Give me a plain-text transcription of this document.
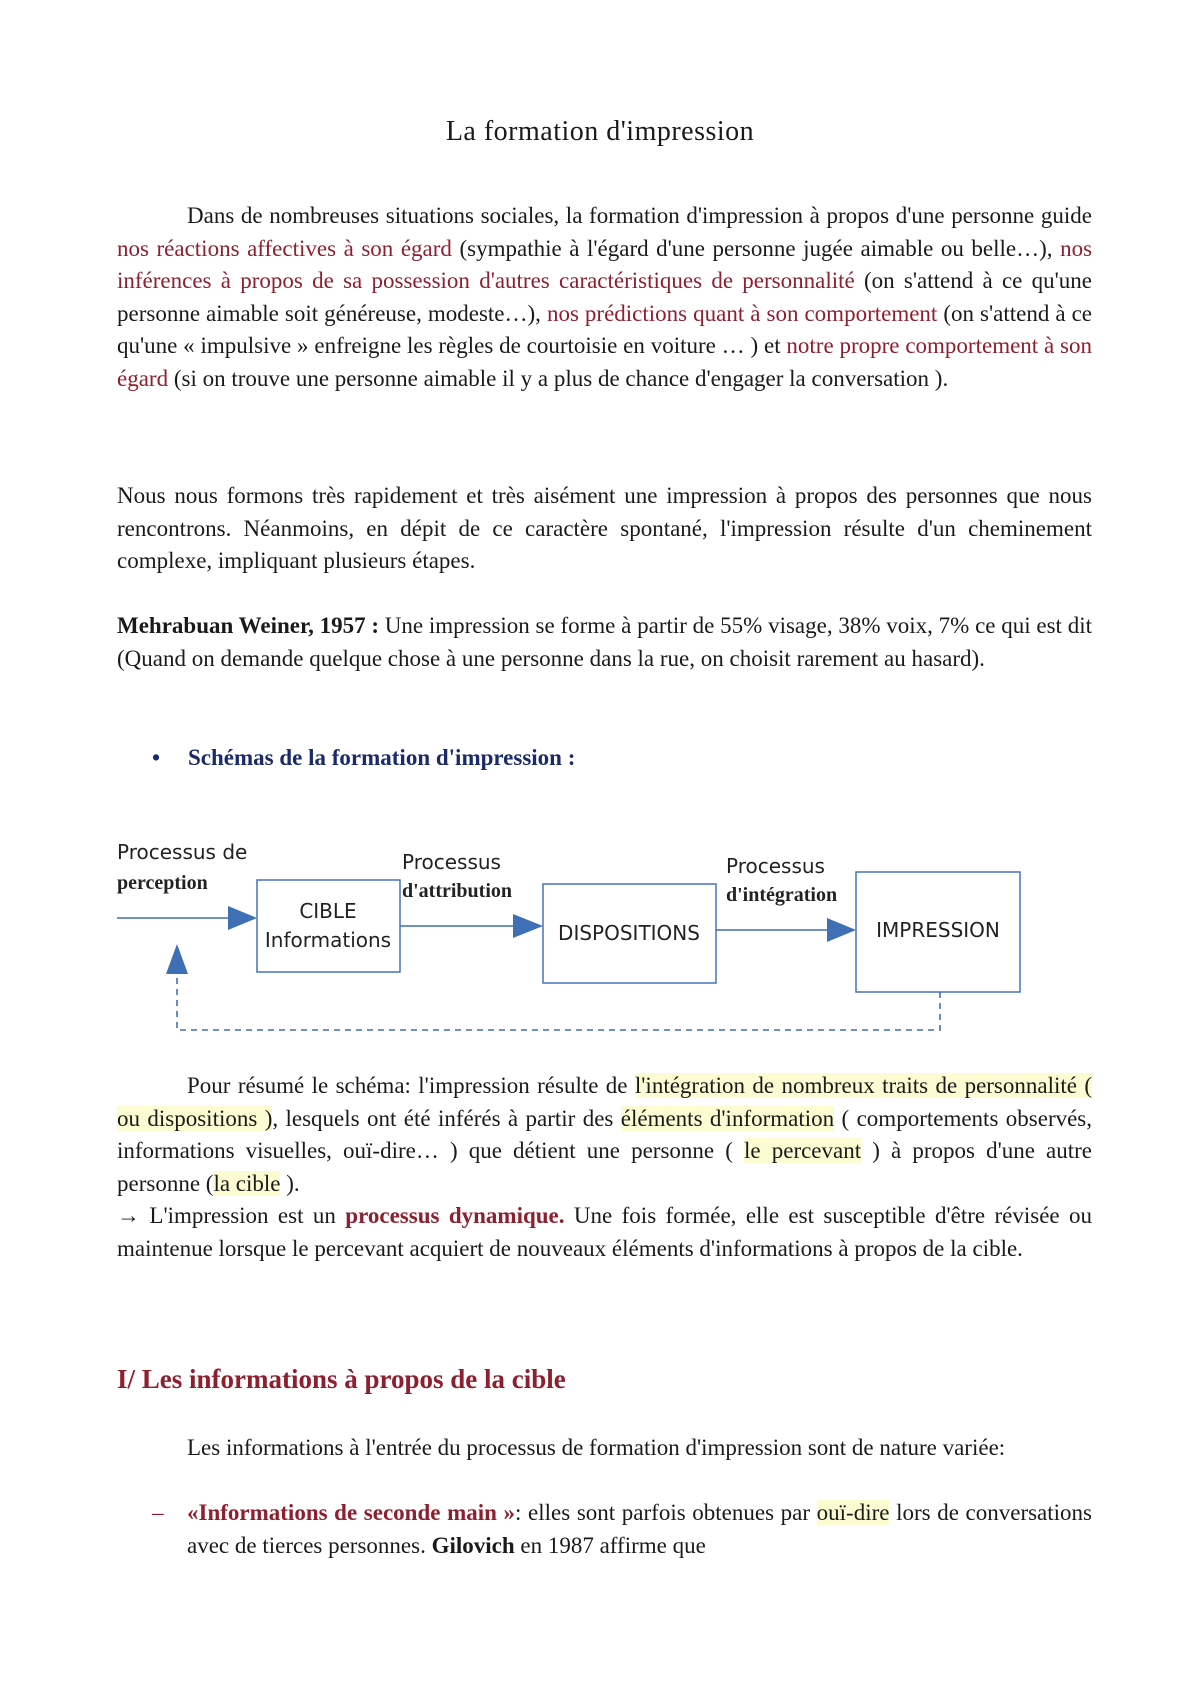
La formation d'impression

Dans de nombreuses situations sociales, la formation d'impression à propos d'une personne guide nos réactions affectives à son égard (sympathie à l'égard d'une personne jugée aimable ou belle…), nos inférences à propos de sa possession d'autres caractéristiques de personnalité (on s'attend à ce qu'une personne aimable soit généreuse, modeste…), nos prédictions quant à son comportement (on s'attend à ce qu'une « impulsive » enfreigne les règles de courtoisie en voiture … ) et notre propre comportement à son égard (si on trouve une personne aimable il y a plus de chance d'engager la conversation ).

Nous nous formons très rapidement et très aisément une impression à propos des personnes que nous rencontrons. Néanmoins, en dépit de ce caractère spontané, l'impression résulte d'un cheminement complexe, impliquant plusieurs étapes.

Mehrabuan Weiner, 1957 : Une impression se forme à partir de 55% visage, 38% voix, 7% ce qui est dit (Quand on demande quelque chose à une personne dans la rue, on choisit rarement au hasard).

• Schémas de la formation d'impression :
Processus de
perception
CIBLE
Informations
Processus
d'attribution
DISPOSITIONS
Processus
d'intégration
IMPRESSION

Pour résumé le schéma: l'impression résulte de l'intégration de nombreux traits de personnalité ( ou dispositions ), lesquels ont été inférés à partir des éléments d'information ( comportements observés, informations visuelles, ouï-dire… ) que détient une personne ( le percevant ) à propos d'une autre personne (la cible ).

→ L'impression est un processus dynamique. Une fois formée, elle est susceptible d'être révisée ou maintenue lorsque le percevant acquiert de nouveaux éléments d'informations à propos de la cible.

I/ Les informations à propos de la cible

Les informations à l'entrée du processus de formation d'impression sont de nature variée:

– «Informations de seconde main »: elles sont parfois obtenues par ouï-dire lors de conversations avec de tierces personnes. Gilovich en 1987 affirme que
